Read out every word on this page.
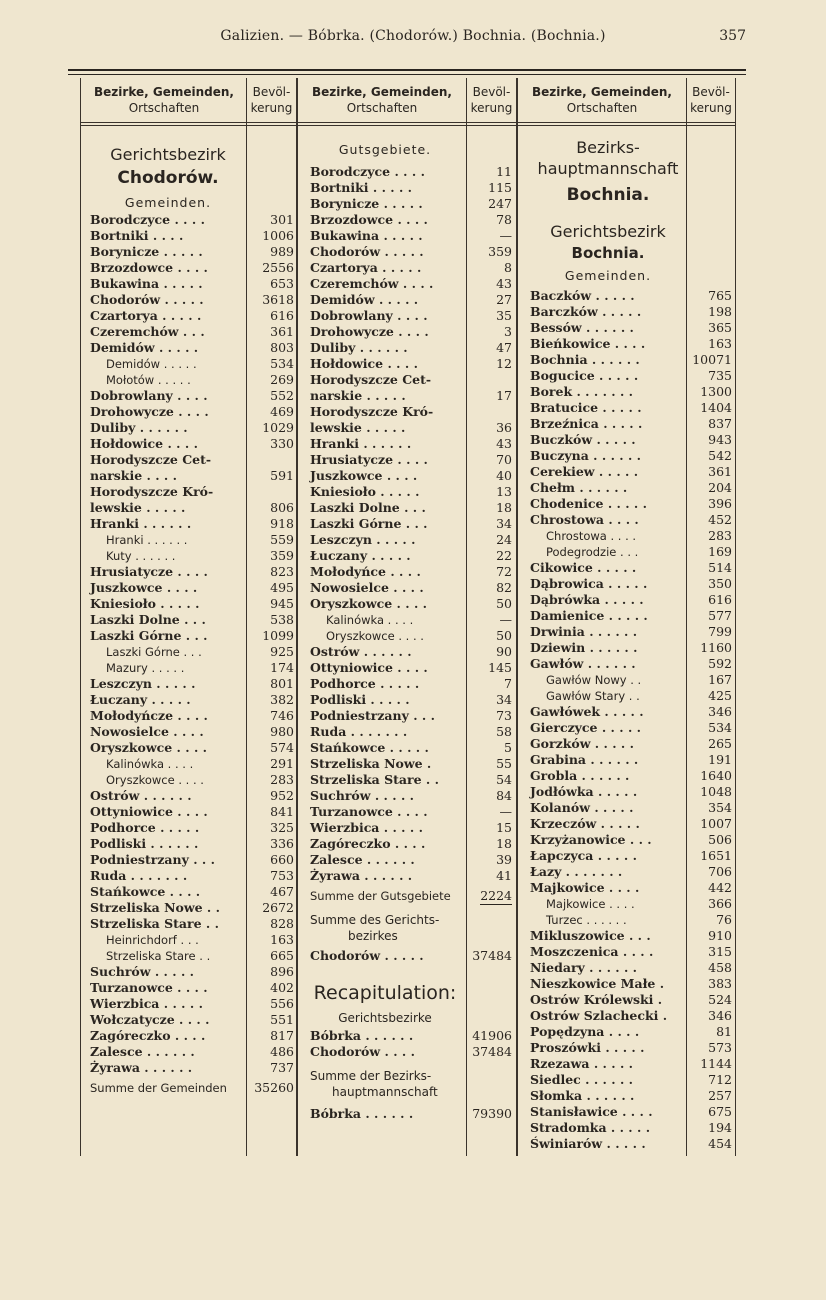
Galizien. — Bóbrka. (Chodorów.) Bochnia. (Bochnia.)	357
Bezirke, Gemeinden,
Ortschaften
Bevöl-
kerung
Bezirke, Gemeinden,
Ortschaften
Bevöl-
kerung
Bezirke, Gemeinden,
Ortschaften
Bevöl-
kerung
Gerichtsbezirk
Chodorów.
Gemeinden.
Borodczyce . . . .	301
Bortniki . . . .	1006
Borynicze . . . . .	989
Brzozdowce . . . .	2556
Bukawina . . . . .	653
Chodorów . . . . .	3618
Czartorya . . . . .	616
Czeremchów . . .	361
Demidów . . . . .	803
Demidów . . . . .	534
Mołotów . . . . .	269
Dobrowlany . . . .	552
Drohowycze . . . .	469
Duliby . . . . . .	1029
Hołdowice . . . .	330
Horodyszcze Cet-
narskie . . . .	591
Horodyszcze Kró-
lewskie . . . . .	806
Hranki . . . . . .	918
Hranki . . . . . .	559
Kuty . . . . . .	359
Hrusiatycze . . . .	823
Juszkowce . . . .	495
Kniesioło . . . . .	945
Laszki Dolne . . .	538
Laszki Górne . . .	1099
Laszki Górne . . .	925
Mazury . . . . .	174
Leszczyn . . . . .	801
Łuczany . . . . .	382
Mołodyńcze . . . .	746
Nowosielce . . . .	980
Oryszkowce . . . .	574
Kalinówka . . . .	291
Oryszkowce . . . .	283
Ostrów . . . . . .	952
Ottyniowice . . . .	841
Podhorce . . . . .	325
Podliski . . . . . .	336
Podniestrzany . . .	660
Ruda . . . . . . .	753
Stańkowce . . . .	467
Strzeliska Nowe . .	2672
Strzeliska Stare . .	828
Heinrichdorf . . .	163
Strzeliska Stare . .	665
Suchrów . . . . .	896
Turzanowce . . . .	402
Wierzbica . . . . .	556
Wołczatycze . . . .	551
Zagóreczko . . . .	817
Zalesce . . . . . .	486
Żyrawa . . . . . .	737
Summe der Gemeinden 35260
Gutsgebiete.
Borodczyce . . . .	11
Bortniki . . . . .	115
Borynicze . . . . .	247
Brzozdowce . . . .	78
Bukawina . . . . .	—
Chodorów . . . . .	359
Czartorya . . . . .	8
Czeremchów . . . .	43
Demidów . . . . .	27
Dobrowlany . . . .	35
Drohowycze . . . .	3
Duliby . . . . . .	47
Hołdowice . . . .	12
Horodyszcze Cet-
narskie . . . . .	17
Horodyszcze Kró-
lewskie . . . . .	36
Hranki . . . . . .	43
Hrusiatycze . . . .	70
Juszkowce . . . .	40
Kniesioło . . . . .	13
Laszki Dolne . . .	18
Laszki Górne . . .	34
Leszczyn . . . . .	24
Łuczany . . . . .	22
Mołodyńce . . . .	72
Nowosielce . . . .	82
Oryszkowce . . . .	50
Kalinówka . . . .	—
Oryszkowce . . . .	50
Ostrów . . . . . .	90
Ottyniowice . . . .	145
Podhorce . . . . .	7
Podliski . . . . .	34
Podniestrzany . . .	73
Ruda . . . . . . .	58
Stańkowce . . . . .	5
Strzeliska Nowe .	55
Strzeliska Stare . .	54
Suchrów . . . . .	84
Turzanowce . . . .	—
Wierzbica . . . . .	15
Zagóreczko . . . .	18
Zalesce . . . . . .	39
Żyrawa . . . . . .	41
Summe der Gutsgebiete 2224
Summe des Gerichts-
bezirkes
Chodorów . . . . .	37484
Recapitulation:
Gerichtsbezirke
Bóbrka . . . . . .	41906
Chodorów . . . .	37484
Summe der Bezirks-
hauptmannschaft
Bóbrka . . . . . .	79390
Bezirks-
hauptmannschaft
Bochnia.
Gerichtsbezirk
Bochnia.
Gemeinden.
Baczków . . . . .	765
Barczków . . . . .	198
Bessów . . . . . .	365
Bieńkowice . . . .	163
Bochnia . . . . . .	10071
Bogucice . . . . .	735
Borek . . . . . . .	1300
Bratucice . . . . .	1404
Brzeźnica . . . . .	837
Buczków . . . . .	943
Buczyna . . . . . .	542
Cerekiew . . . . .	361
Chełm . . . . . .	204
Chodenice . . . . .	396
Chrostowa . . . .	452
Chrostowa . . . .	283
Podegrodzie . . .	169
Cikowice . . . . .	514
Dąbrowica . . . . .	350
Dąbrówka . . . . .	616
Damienice . . . . .	577
Drwinia . . . . . .	799
Dziewin . . . . . .	1160
Gawłów . . . . . .	592
Gawłów Nowy . .	167
Gawłów Stary . .	425
Gawłówek . . . . .	346
Gierczyce . . . . .	534
Gorzków . . . . .	265
Grabina . . . . . .	191
Grobla . . . . . .	1640
Jodłówka . . . . .	1048
Kolanów . . . . .	354
Krzeczów . . . . .	1007
Krzyżanowice . . .	506
Łapczyca . . . . .	1651
Łazy . . . . . . .	706
Majkowice . . . .	442
Majkowice . . . .	366
Turzec . . . . . .	76
Mikluszowice . . .	910
Moszczenica . . . .	315
Niedary . . . . . .	458
Nieszkowice Małe .	383
Ostrów Królewski .	524
Ostrów Szlachecki .	346
Popędzyna . . . .	81
Proszówki . . . . .	573
Rzezawa . . . . .	1144
Siedlec . . . . . .	712
Słomka . . . . . .	257
Stanisławice . . . .	675
Stradomka . . . . .	194
Świniarów . . . . .	454
